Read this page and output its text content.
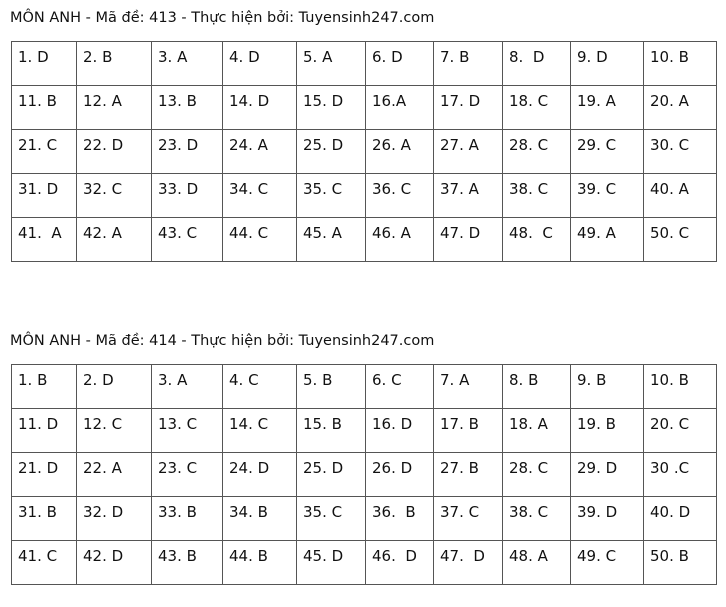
MÔN ANH - Mã đề: 413 - Thực hiện bởi: Tuyensinh247.com
1. D	2. B	3. A	4. D	5. A	6. D	7. B	8.  D	9. D	10. B
11. B	12. A	13. B	14. D	15. D	16.A	17. D	18. C	19. A	20. A
21. C	22. D	23. D	24. A	25. D	26. A	27. A	28. C	29. C	30. C
31. D	32. C	33. D	34. C	35. C	36. C	37. A	38. C	39. C	40. A
41.  A	42. A	43. C	44. C	45. A	46. A	47. D	48.  C	49. A	50. C
MÔN ANH - Mã đề: 414 - Thực hiện bởi: Tuyensinh247.com
1. B	2. D	3. A	4. C	5. B	6. C	7. A	8. B	9. B	10. B
11. D	12. C	13. C	14. C	15. B	16. D	17. B	18. A	19. B	20. C
21. D	22. A	23. C	24. D	25. D	26. D	27. B	28. C	29. D	30 .C
31. B	32. D	33. B	34. B	35. C	36.  B	37. C	38. C	39. D	40. D
41. C	42. D	43. B	44. B	45. D	46.  D	47.  D	48. A	49. C	50. B
